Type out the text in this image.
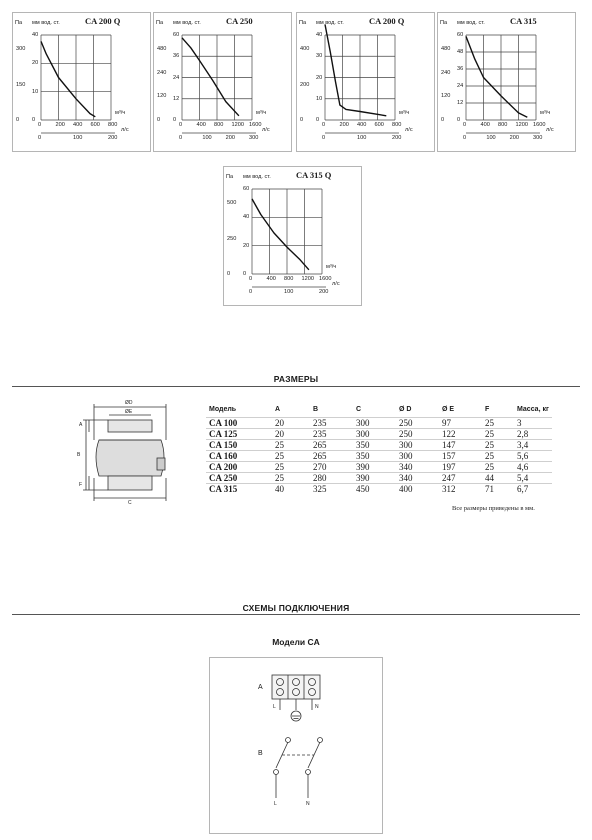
CA 200 Q
Па мм вод. ст.
м³/ч
л/с
300
150
0
40
20
10
0
0	200 400 600 800
0	100	200
CA 250
Па мм вод. ст.
м³/ч
л/с
480
240
120
0
60
36
24
12
0
0	400 800 1200 1600
0	100 200	300
CA 200 Q
Па мм вод. ст.
м³/ч
л/с
400
200
0
40
30
20
10
0
0	200 400 600 800
0	100	200
CA 315
Па мм вод. ст.
м³/ч
л/с
480
240
120
0
60
48
36
24
12
0
0	400 800 1200 1600
0	100 200	300
CA 315 Q
Па мм вод. ст.
м³/ч
л/с
500
250
0
60
40
20
0
0	400 800 1200 1600
0	100	200
РАЗМЕРЫ
ØD
ØE
A
B
F
C
Модель	A	B	C	Ø D	Ø E	F	Масса, кг
CA 100	20	235	300	250	97	25	3
CA 125	20	235	300	250	122	25	2,8
CA 150	25	265	350	300	147	25	3,4
CA 160	25	265	350	300	157	25	5,6
CA 200	25	270	390	340	197	25	4,6
CA 250	25	280	390	340	247	44	5,4
CA 315	40	325	450	400	312	71	6,7
Все размеры приведены в мм.
СХЕМЫ ПОДКЛЮЧЕНИЯ
Модели CA
A
B
L	N
L	N
